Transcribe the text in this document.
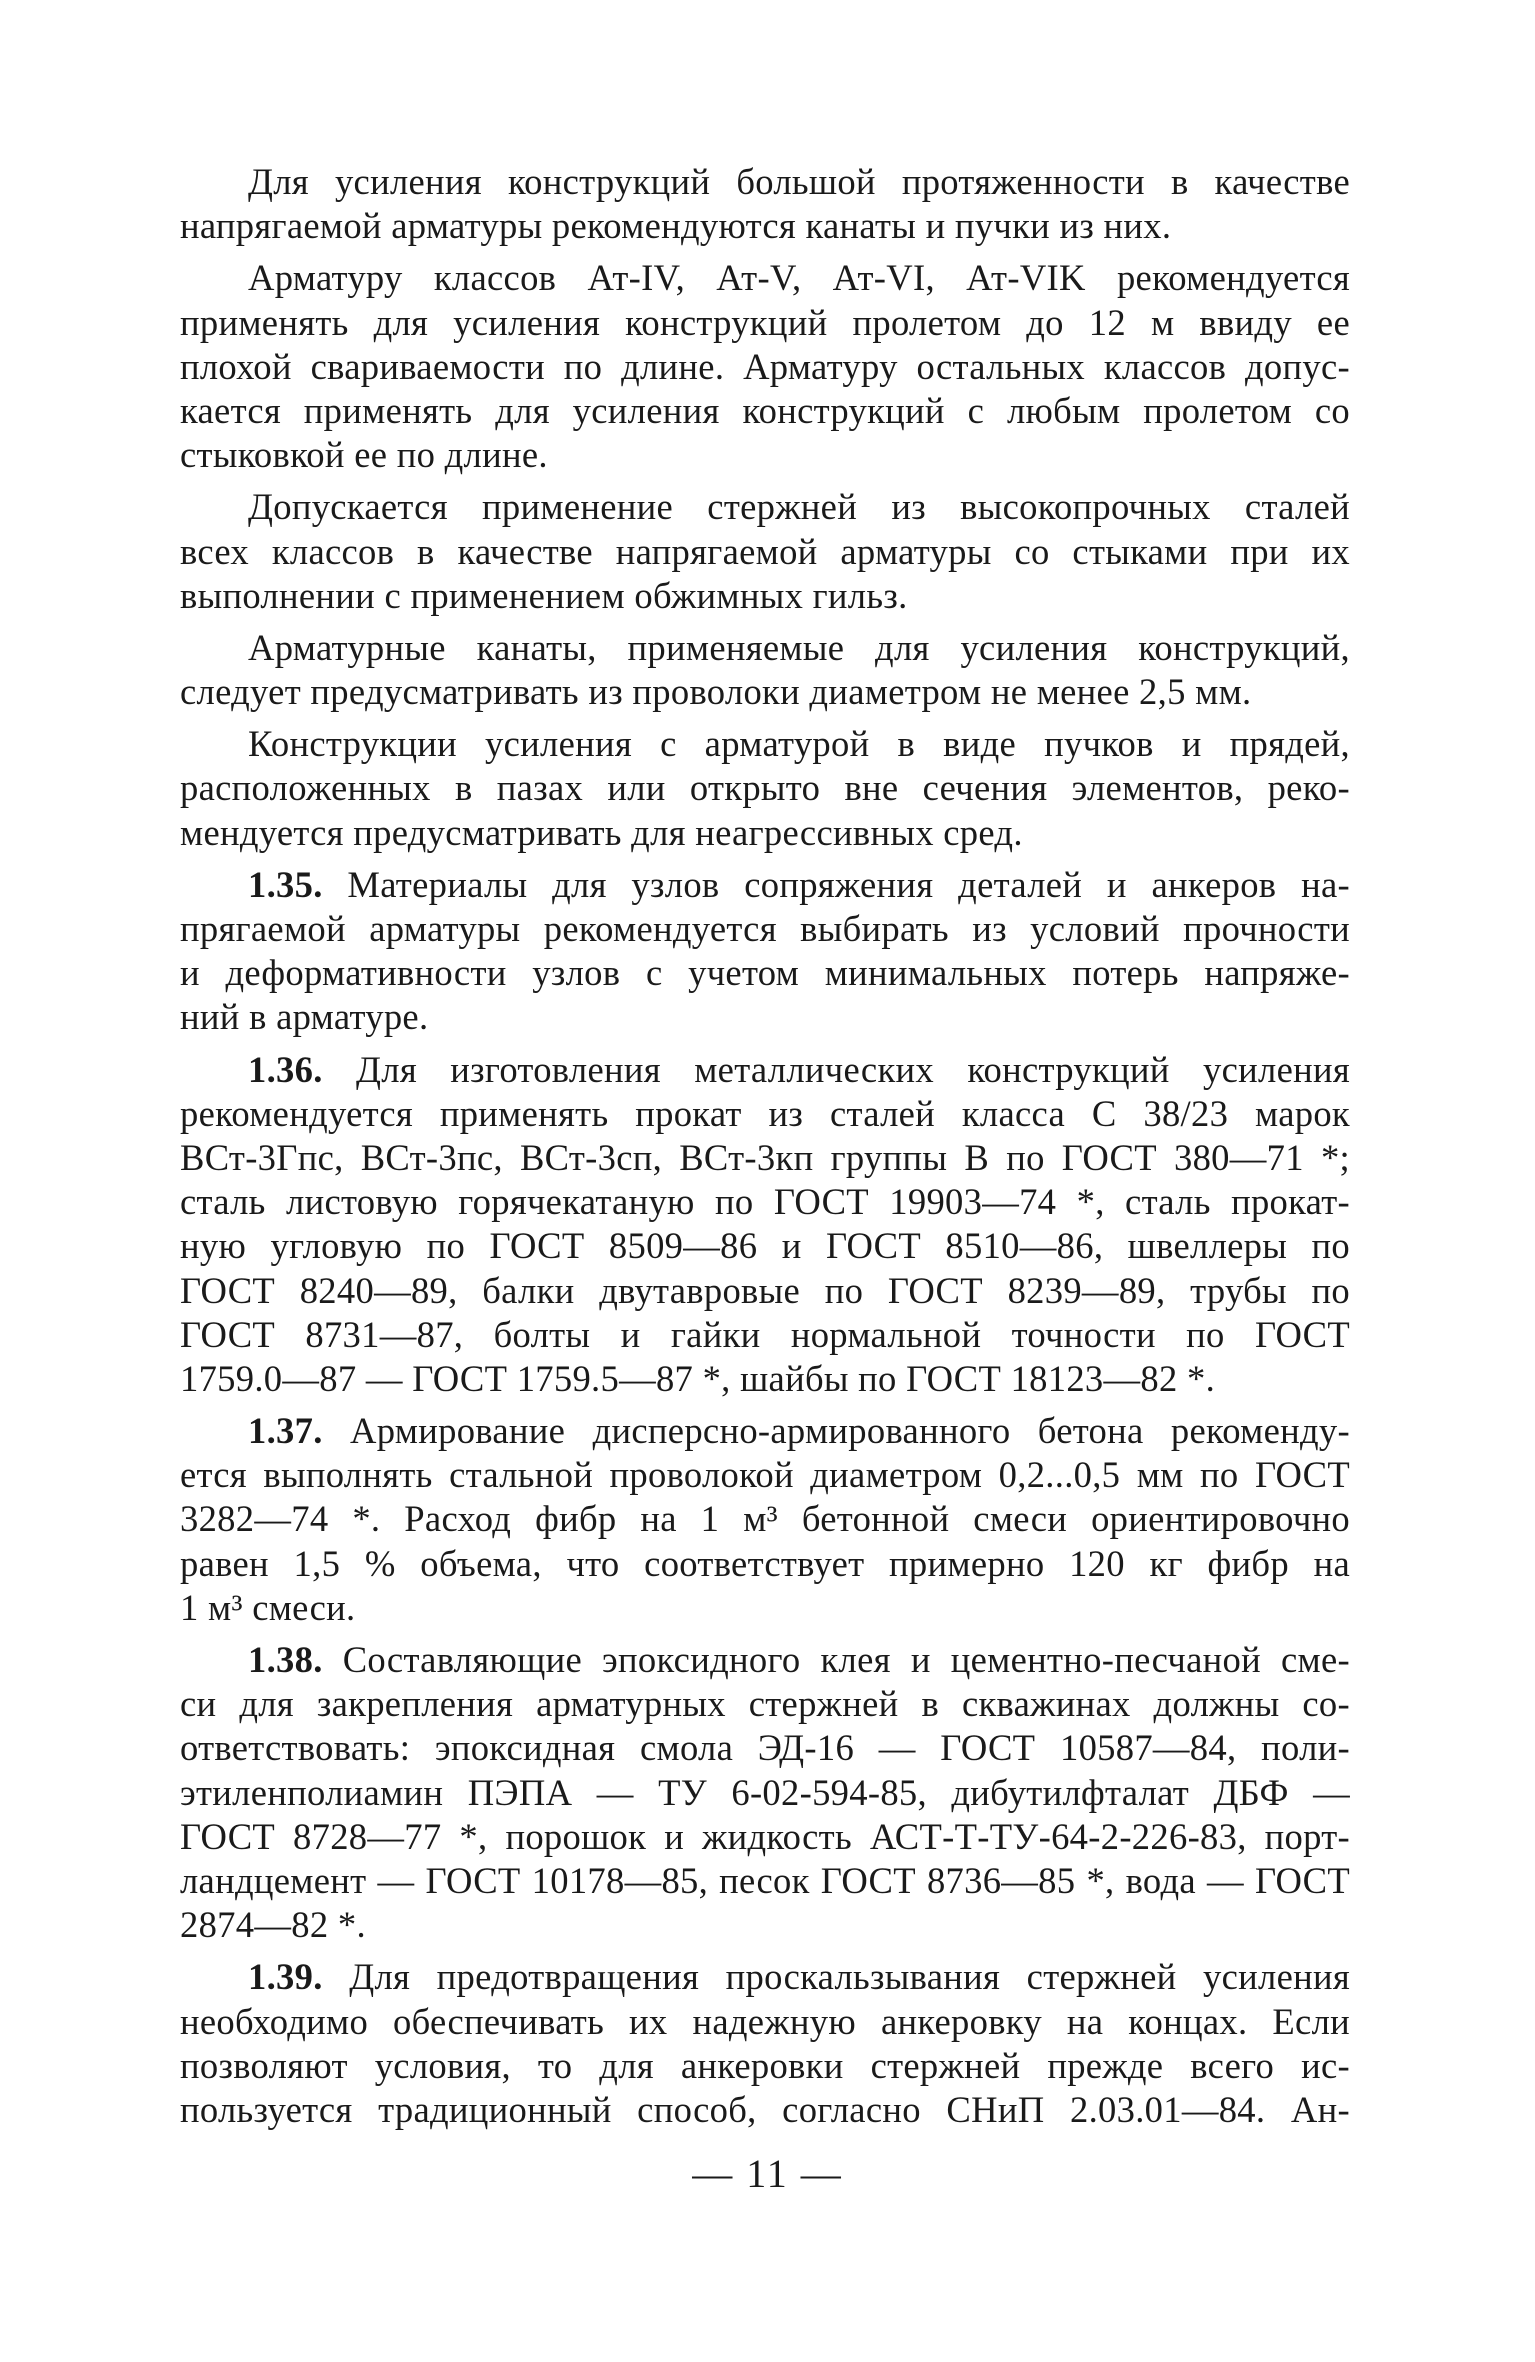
Для усиления конструкций большой протяженности в качестве
напрягаемой арматуры рекомендуются канаты и пучки из них.
Арматуру классов Ат-IV, Ат-V, Ат-VI, Ат-VIK рекомендуется
применять для усиления конструкций пролетом до 12 м ввиду ее
плохой свариваемости по длине. Арматуру остальных классов допус-
кается применять для усиления конструкций с любым пролетом со
стыковкой ее по длине.
Допускается применение стержней из высокопрочных сталей
всех классов в качестве напрягаемой арматуры со стыками при их
выполнении с применением обжимных гильз.
Арматурные канаты, применяемые для усиления конструкций,
следует предусматривать из проволоки диаметром не менее 2,5 мм.
Конструкции усиления с арматурой в виде пучков и прядей,
расположенных в пазах или открыто вне сечения элементов, реко-
мендуется предусматривать для неагрессивных сред.
1.35. Материалы для узлов сопряжения деталей и анкеров на-
прягаемой арматуры рекомендуется выбирать из условий прочности
и деформативности узлов с учетом минимальных потерь напряже-
ний в арматуре.
1.36. Для изготовления металлических конструкций усиления
рекомендуется применять прокат из сталей класса С 38/23 марок
ВСт-3Гпс, ВСт-3пс, ВСт-3сп, ВСт-3кп группы В по ГОСТ 380—71 *;
сталь листовую горячекатаную по ГОСТ 19903—74 *, сталь прокат-
ную угловую по ГОСТ 8509—86 и ГОСТ 8510—86, швеллеры по
ГОСТ 8240—89, балки двутавровые по ГОСТ 8239—89, трубы по
ГОСТ 8731—87, болты и гайки нормальной точности по ГОСТ
1759.0—87 — ГОСТ 1759.5—87 *, шайбы по ГОСТ 18123—82 *.
1.37. Армирование дисперсно-армированного бетона рекоменду-
ется выполнять стальной проволокой диаметром 0,2...0,5 мм по ГОСТ
3282—74 *. Расход фибр на 1 м³ бетонной смеси ориентировочно
равен 1,5 % объема, что соответствует примерно 120 кг фибр на
1 м³ смеси.
1.38. Составляющие эпоксидного клея и цементно-песчаной сме-
си для закрепления арматурных стержней в скважинах должны со-
ответствовать: эпоксидная смола ЭД-16 — ГОСТ 10587—84, поли-
этиленполиамин ПЭПА — ТУ 6-02-594-85, дибутилфталат ДБФ —
ГОСТ 8728—77 *, порошок и жидкость АСТ-Т-ТУ-64-2-226-83, порт-
ландцемент — ГОСТ 10178—85, песок ГОСТ 8736—85 *, вода — ГОСТ
2874—82 *.
1.39. Для предотвращения проскальзывания стержней усиления
необходимо обеспечивать их надежную анкеровку на концах. Если
позволяют условия, то для анкеровки стержней прежде всего ис-
пользуется традиционный способ, согласно СНиП 2.03.01—84. Ан-
— 11 —
